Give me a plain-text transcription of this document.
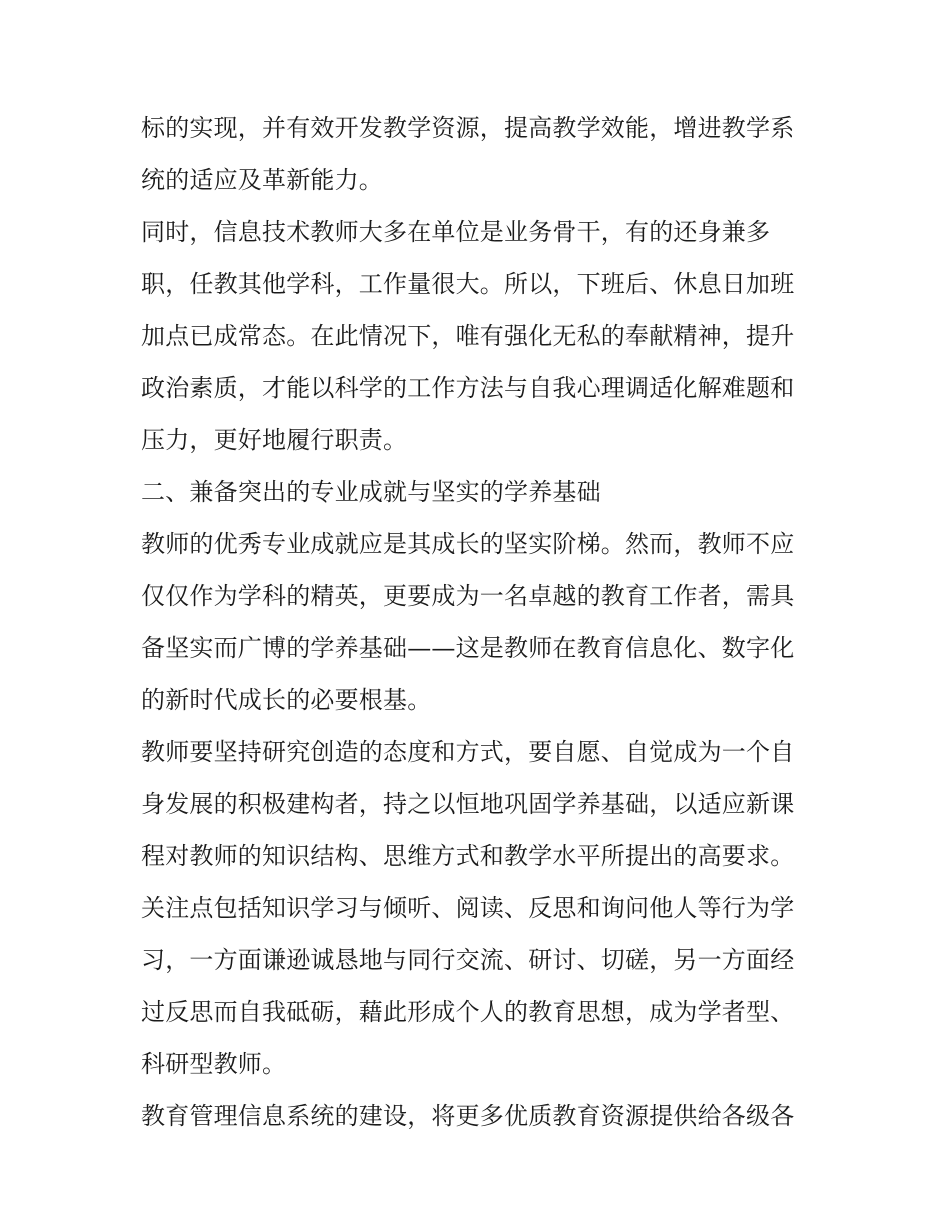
标的实现，并有效开发教学资源，提高教学效能，增进教学系
统的适应及革新能力。
同时，信息技术教师大多在单位是业务骨干，有的还身兼多
职，任教其他学科，工作量很大。所以，下班后、休息日加班
加点已成常态。在此情况下，唯有强化无私的奉献精神，提升
政治素质，才能以科学的工作方法与自我心理调适化解难题和
压力，更好地履行职责。
二、兼备突出的专业成就与坚实的学养基础
教师的优秀专业成就应是其成长的坚实阶梯。然而，教师不应
仅仅作为学科的精英，更要成为一名卓越的教育工作者，需具
备坚实而广博的学养基础——这是教师在教育信息化、数字化
的新时代成长的必要根基。
教师要坚持研究创造的态度和方式，要自愿、自觉成为一个自
身发展的积极建构者，持之以恒地巩固学养基础，以适应新课
程对教师的知识结构、思维方式和教学水平所提出的高要求。
关注点包括知识学习与倾听、阅读、反思和询问他人等行为学
习，一方面谦逊诚恳地与同行交流、研讨、切磋，另一方面经
过反思而自我砥砺，藉此形成个人的教育思想，成为学者型、
科研型教师。
教育管理信息系统的建设，将更多优质教育资源提供给各级各
